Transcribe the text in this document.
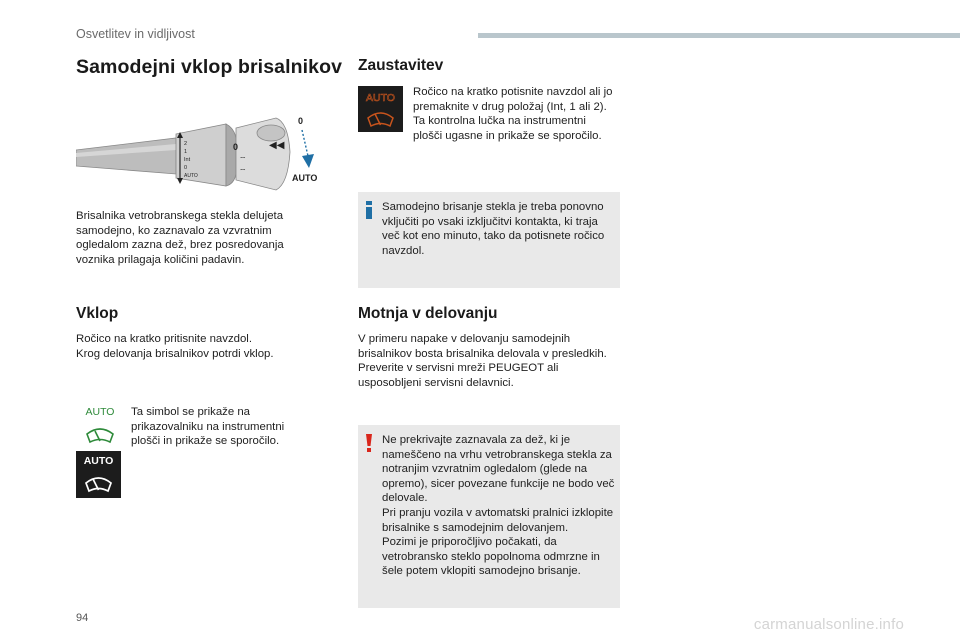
Osvetlitev in vidljivost
Samodejni vklop brisalnikov
2
1
Int
0
AUTO
0
⌔
⌔
◀◀
0
AUTO
Brisalnika vetrobranskega stekla delujeta samodejno, ko zaznavalo za vzvratnim ogledalom zazna dež, brez posredovanja voznika prilagaja količini padavin.
Vklop
Ročico na kratko pritisnite navzdol.
Krog delovanja brisalnikov potrdi vklop.
AUTO
AUTO
Ta simbol se prikaže na prikazovalniku na instrumentni plošči in prikaže se sporočilo.
Zaustavitev
AUTO Ročico na kratko potisnite navzdol ali jo premaknite v drug položaj (Int, 1 ali 2).
Ta kontrolna lučka na instrumentni plošči ugasne in prikaže se sporočilo.
Samodejno brisanje stekla je treba ponovno vključiti po vsaki izključitvi kontakta, ki traja več kot eno minuto, tako da potisnete ročico navzdol.
Motnja v delovanju
V primeru napake v delovanju samodejnih brisalnikov bosta brisalnika delovala v presledkih.
Preverite v servisni mreži PEUGEOT ali usposobljeni servisni delavnici.
Ne prekrivajte zaznavala za dež, ki je nameščeno na vrhu vetrobranskega stekla za notranjim vzvratnim ogledalom (glede na opremo), sicer povezane funkcije ne bodo več delovale.
Pri pranju vozila v avtomatski pralnici izklopite brisalnike s samodejnim delovanjem.
Pozimi je priporočljivo počakati, da vetrobransko steklo popolnoma odmrzne in šele potem vklopiti samodejno brisanje.
94	carmanualsonline.info
